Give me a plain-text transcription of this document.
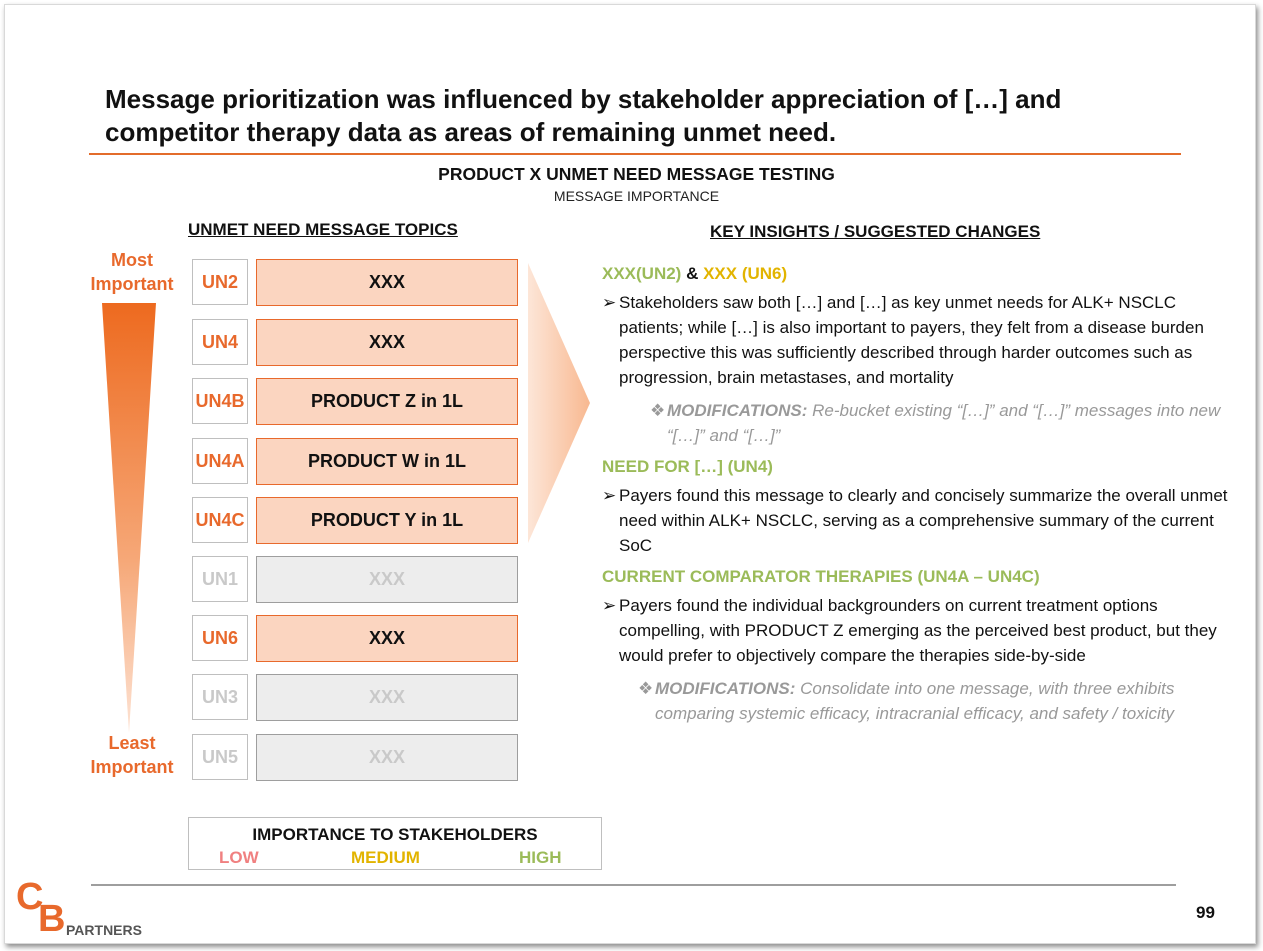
Message prioritization was influenced by stakeholder appreciation of […] and competitor therapy data as areas of remaining unmet need.
PRODUCT X UNMET NEED MESSAGE TESTING
MESSAGE IMPORTANCE
UNMET NEED MESSAGE TOPICS	KEY INSIGHTS / SUGGESTED CHANGES
Most Important
Least Important
UN2	XXX
UN4	XXX
UN4B	PRODUCT Z in 1L
UN4A	PRODUCT W in 1L
UN4C	PRODUCT Y in 1L
UN1	XXX
UN6	XXX
UN3	XXX
UN5	XXX
IMPORTANCE TO STAKEHOLDERS
LOW	MEDIUM	HIGH
XXX(UN2) & XXX (UN6)
➢ Stakeholders saw both […] and […] as key unmet needs for ALK+ NSCLC patients; while […] is also important to payers, they felt from a disease burden perspective this was sufficiently described through harder outcomes such as progression, brain metastases, and mortality
❖ MODIFICATIONS: Re-bucket existing “[…]” and “[…]” messages into new “[…]” and “[…]”
NEED FOR […] (UN4)
➢ Payers found this message to clearly and concisely summarize the overall unmet need within ALK+ NSCLC, serving as a comprehensive summary of the current SoC
CURRENT COMPARATOR THERAPIES (UN4A – UN4C)
➢ Payers found the individual backgrounders on current treatment options compelling, with PRODUCT Z emerging as the perceived best product, but they would prefer to objectively compare the therapies side-by-side
❖ MODIFICATIONS: Consolidate into one message, with three exhibits comparing systemic efficacy, intracranial efficacy, and safety / toxicity
C
B PARTNERS
99
